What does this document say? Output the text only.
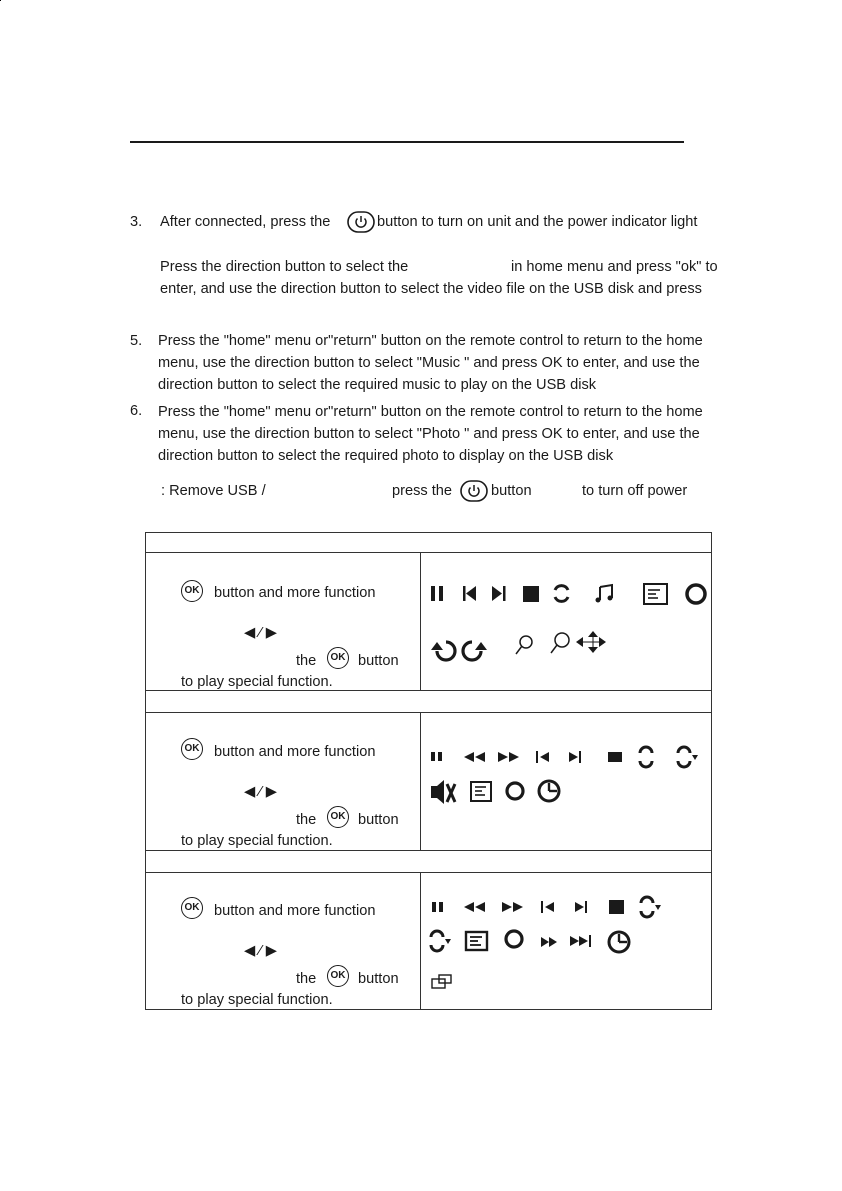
3. After connected, press the	button to turn on unit and the power indicator light
Press the direction button to select the	in home menu and press "ok" to
enter, and use the direction button to select the video file on the USB disk and press
5. Press the "home" menu or"return" button on the remote control to return to the home
menu, use the direction button to select "Music " and press OK to enter, and use the
direction button to select the required music to play on the USB disk
6. Press the "home" menu or"return" button on the remote control to return to the home
menu, use the direction button to select "Photo " and press OK to enter, and use the
direction button to select the required photo to display on the USB disk
: Remove USB /	press the	button	to turn off power
OK button and more function
◀ ⁄ ▶
the	OK button
to play special function.
OK button and more function
◀ ⁄ ▶
the	OK button
to play special function.
OK button and more function
◀ ⁄ ▶
the	OK button
to play special function.
